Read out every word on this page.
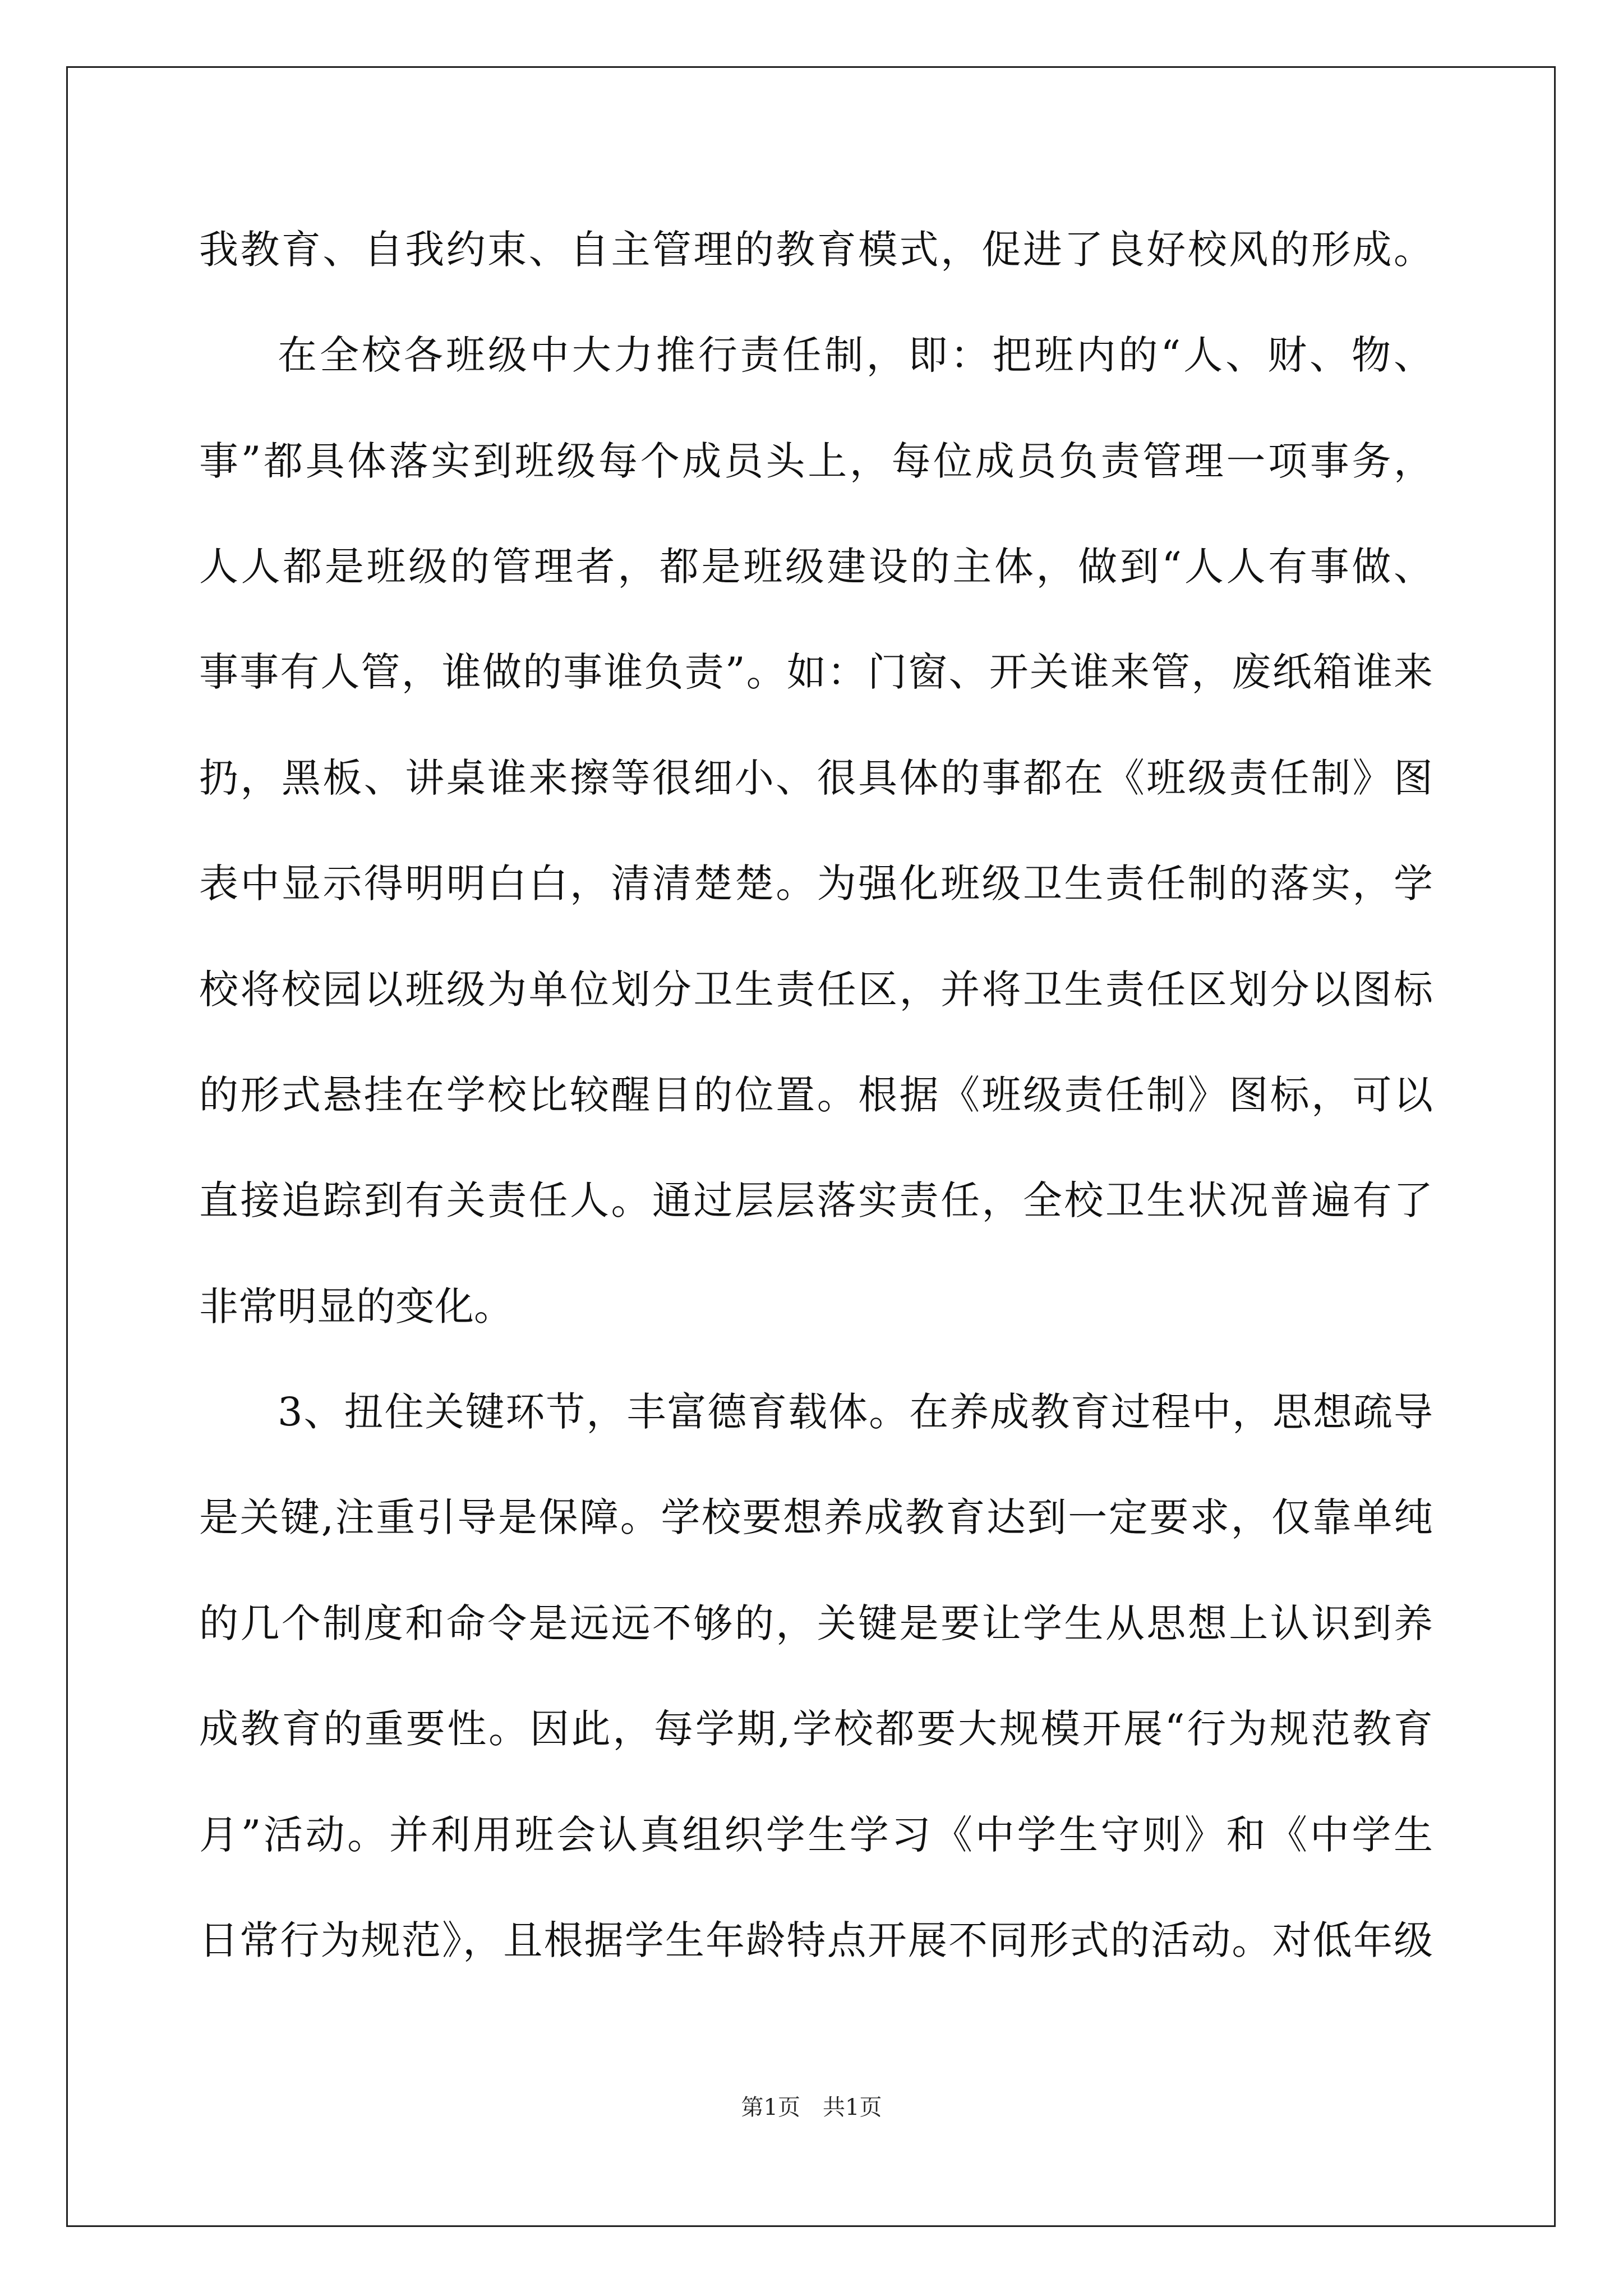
我教育、自我约束、自主管理的教育模式，促进了良好校风的形成。
在全校各班级中大力推行责任制，即：把班内的“人、财、物、
事”都具体落实到班级每个成员头上，每位成员负责管理一项事务，
人人都是班级的管理者，都是班级建设的主体，做到“人人有事做、
事事有人管，谁做的事谁负责”。如：门窗、开关谁来管，废纸箱谁来
扔，黑板、讲桌谁来擦等很细小、很具体的事都在《班级责任制》图
表中显示得明明白白，清清楚楚。为强化班级卫生责任制的落实，学
校将校园以班级为单位划分卫生责任区，并将卫生责任区划分以图标
的形式悬挂在学校比较醒目的位置。根据《班级责任制》图标，可以
直接追踪到有关责任人。通过层层落实责任，全校卫生状况普遍有了
非常明显的变化。
3、扭住关键环节，丰富德育载体。在养成教育过程中，思想疏导
是关键,注重引导是保障。学校要想养成教育达到一定要求，仅靠单纯
的几个制度和命令是远远不够的，关键是要让学生从思想上认识到养
成教育的重要性。因此，每学期,学校都要大规模开展“行为规范教育
月”活动。并利用班会认真组织学生学习《中学生守则》和《中学生
日常行为规范》，且根据学生年龄特点开展不同形式的活动。对低年级
第1页　共1页
